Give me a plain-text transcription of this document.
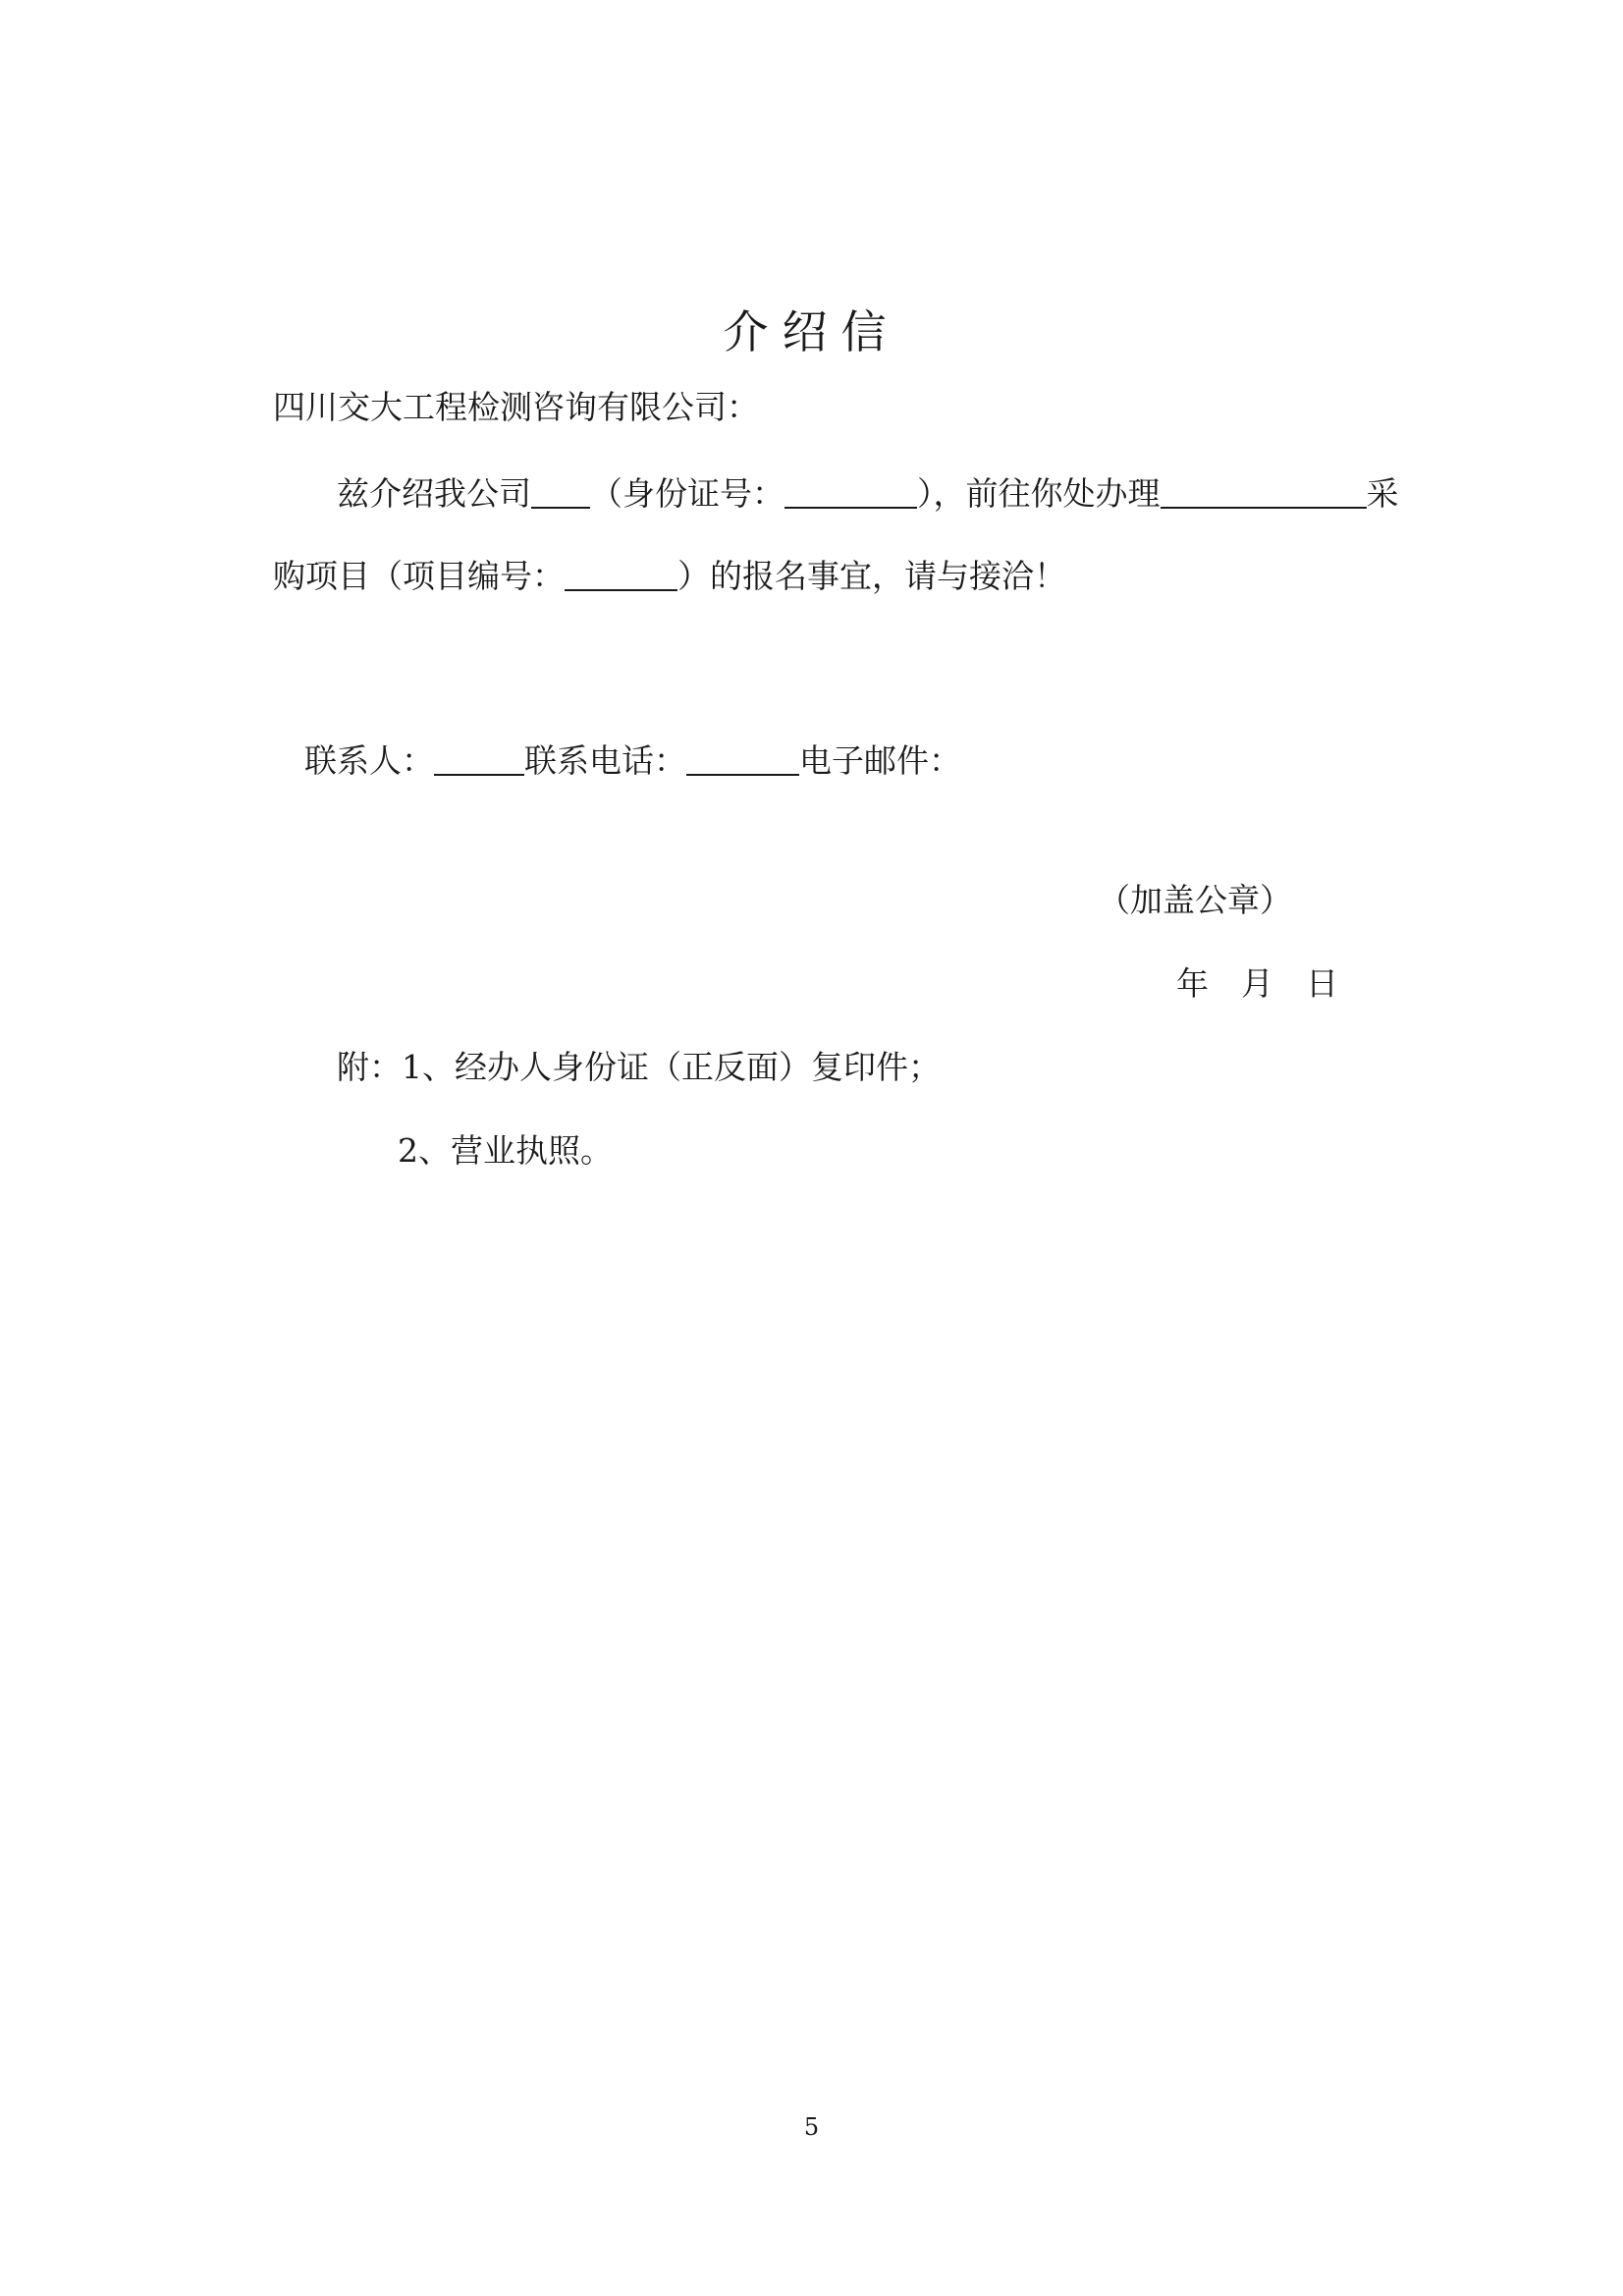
介绍信
四川交大工程检测咨询有限公司：
兹介绍我公司 （身份证号：	），前往你处办理	采
购项目（项目编号：	）的报名事宜，请与接洽！
联系人：	联系电话：	电子邮件：
（加盖公章）
年　月　日
附：1、经办人身份证（正反面）复印件；
2、营业执照。
5
